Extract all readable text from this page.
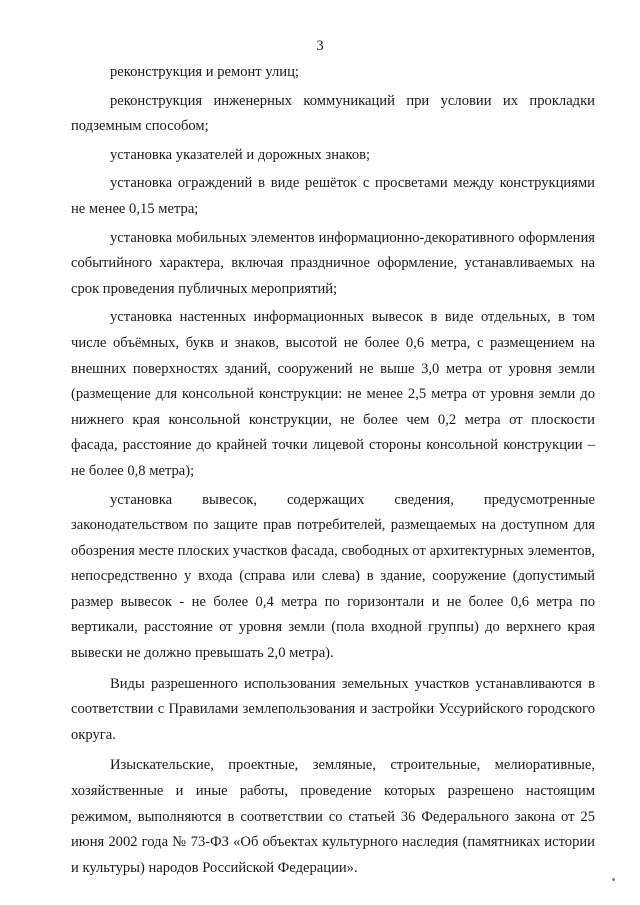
3

реконструкция и ремонт улиц;

реконструкция инженерных коммуникаций при условии их прокладки подземным способом;

установка указателей и дорожных знаков;

установка ограждений в виде решёток с просветами между конструкциями не менее 0,15 метра;

установка мобильных элементов информационно-декоративного оформления событийного характера, включая праздничное оформление, устанавливаемых на срок проведения публичных мероприятий;

установка настенных информационных вывесок в виде отдельных, в том числе объёмных, букв и знаков, высотой не более 0,6 метра, с размещением на внешних поверхностях зданий, сооружений не выше 3,0 метра от уровня земли (размещение для консольной конструкции: не менее 2,5 метра от уровня земли до нижнего края консольной конструкции, не более чем 0,2 метра от плоскости фасада, расстояние до крайней точки лицевой стороны консольной конструкции – не более 0,8 метра);

установка вывесок, содержащих сведения, предусмотренные законодательством по защите прав потребителей, размещаемых на доступном для обозрения месте плоских участков фасада, свободных от архитектурных элементов, непосредственно у входа (справа или слева) в здание, сооружение (допустимый размер вывесок - не более 0,4 метра по горизонтали и не более 0,6 метра по вертикали, расстояние от уровня земли (пола входной группы) до верхнего края вывески не должно превышать 2,0 метра).

Виды разрешенного использования земельных участков устанавливаются в соответствии с Правилами землепользования и застройки Уссурийского городского округа.

Изыскательские, проектные, земляные, строительные, мелиоративные, хозяйственные и иные работы, проведение которых разрешено настоящим режимом, выполняются в соответствии со статьей 36 Федерального закона от 25 июня 2002 года № 73-ФЗ «Об объектах культурного наследия (памятниках истории и культуры) народов Российской Федерации».
